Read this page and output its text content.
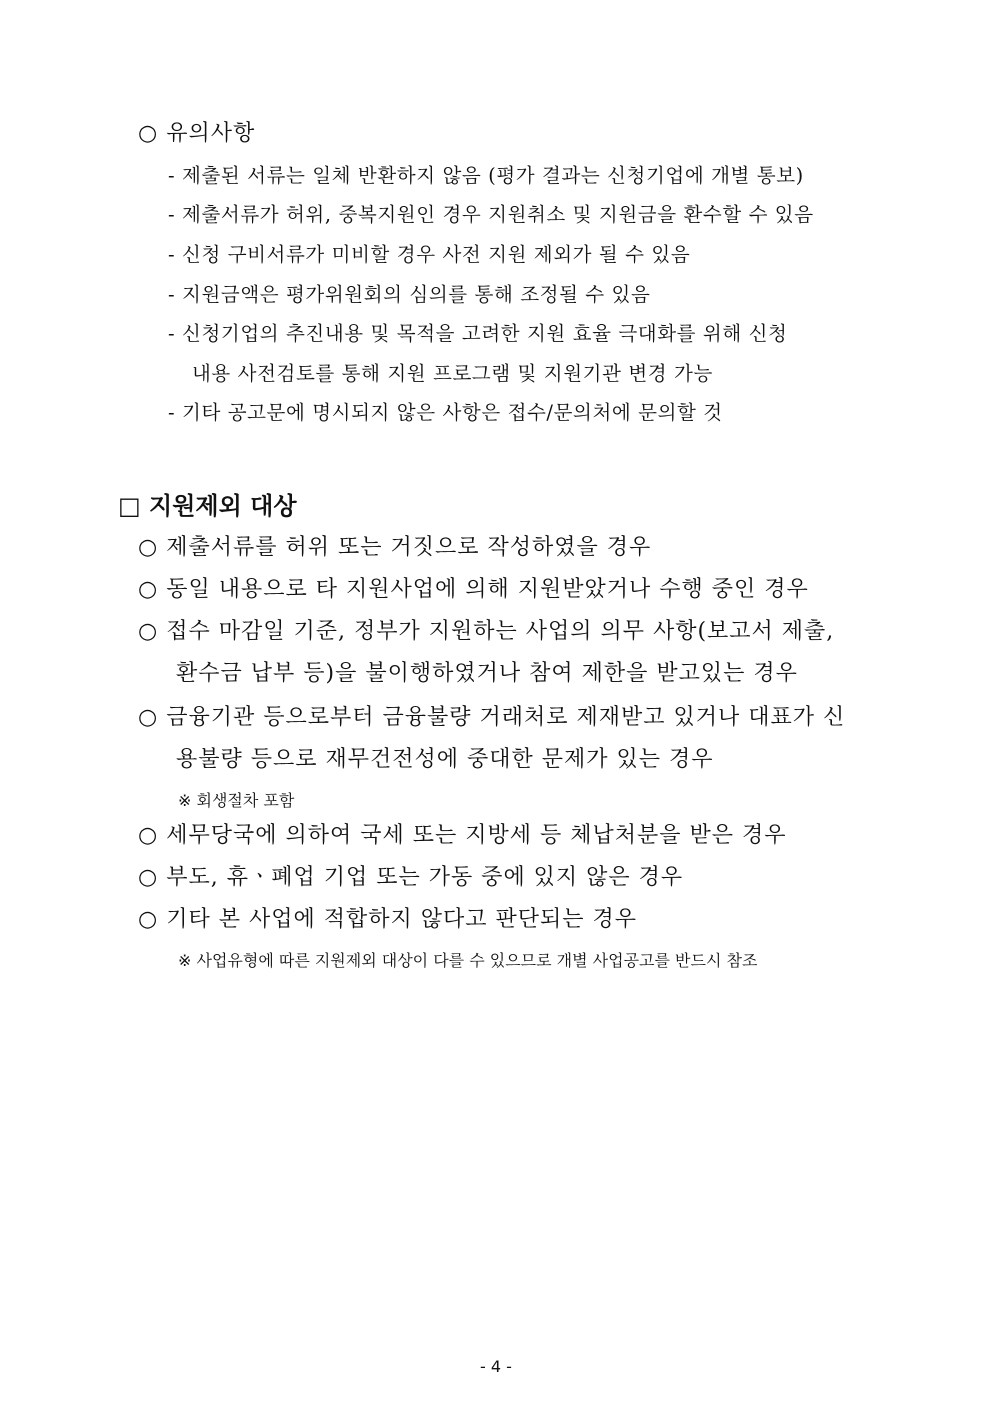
○ 유의사항
- 제출된 서류는 일체 반환하지 않음 (평가 결과는 신청기업에 개별 통보)
- 제출서류가 허위, 중복지원인 경우 지원취소 및 지원금을 환수할 수 있음
- 신청 구비서류가 미비할 경우 사전 지원 제외가 될 수 있음
- 지원금액은 평가위원회의 심의를 통해 조정될 수 있음
- 신청기업의 추진내용 및 목적을 고려한 지원 효율 극대화를 위해 신청
내용 사전검토를 통해 지원 프로그램 및 지원기관 변경 가능
- 기타 공고문에 명시되지 않은 사항은 접수/문의처에 문의할 것
□ 지원제외 대상
○ 제출서류를 허위 또는 거짓으로 작성하였을 경우
○ 동일 내용으로 타 지원사업에 의해 지원받았거나 수행 중인 경우
○ 접수 마감일 기준, 정부가 지원하는 사업의 의무 사항(보고서 제출,
환수금 납부 등)을 불이행하였거나 참여 제한을 받고있는 경우
○ 금융기관 등으로부터 금융불량 거래처로 제재받고 있거나 대표가 신
용불량 등으로 재무건전성에 중대한 문제가 있는 경우
※ 회생절차 포함
○ 세무당국에 의하여 국세 또는 지방세 등 체납처분을 받은 경우
○ 부도, 휴ㆍ폐업 기업 또는 가동 중에 있지 않은 경우
○ 기타 본 사업에 적합하지 않다고 판단되는 경우
※ 사업유형에 따른 지원제외 대상이 다를 수 있으므로 개별 사업공고를 반드시 참조
- 4 -
